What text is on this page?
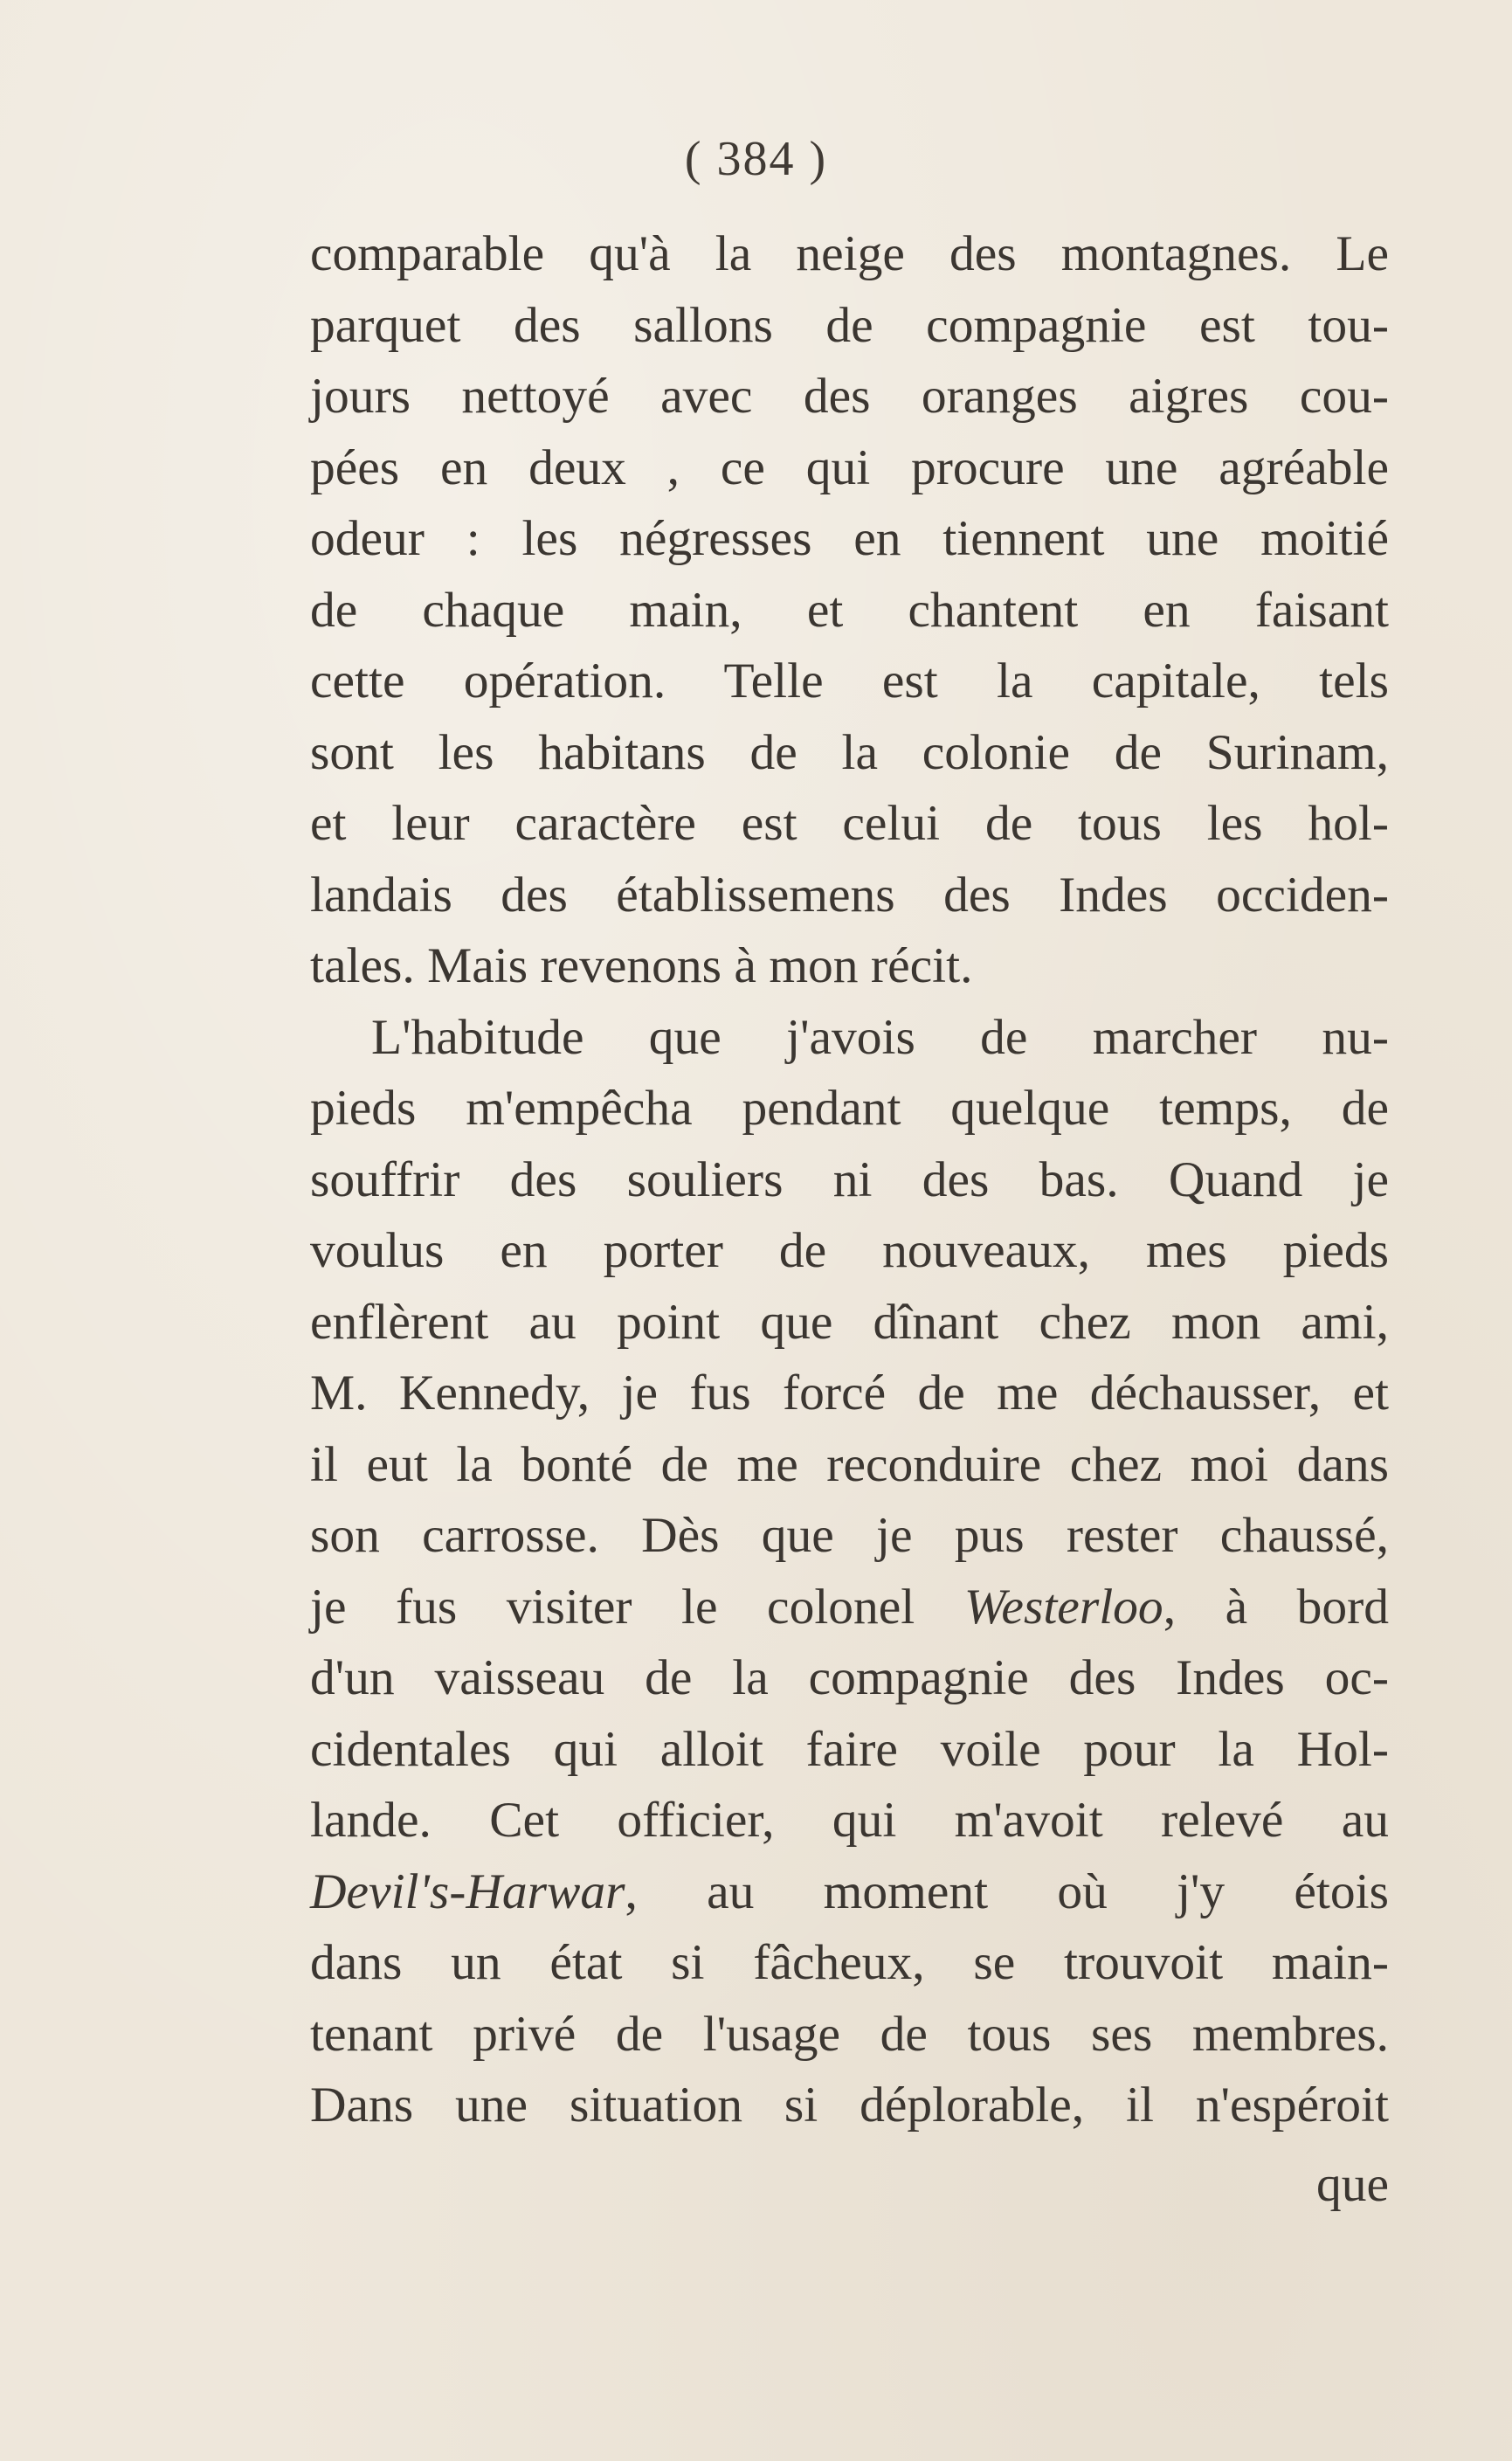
( 384 )
comparable qu'à la neige des montagnes. Le
parquet des sallons de compagnie est tou-
jours nettoyé avec des oranges aigres cou-
pées en deux , ce qui procure une agréable
odeur : les négresses en tiennent une moitié
de chaque main, et chantent en faisant
cette opération. Telle est la capitale, tels
sont les habitans de la colonie de Surinam,
et leur caractère est celui de tous les hol-
landais des établissemens des Indes occiden-
tales. Mais revenons à mon récit.
L'habitude que j'avois de marcher nu-
pieds m'empêcha pendant quelque temps, de
souffrir des souliers ni des bas. Quand je
voulus en porter de nouveaux, mes pieds
enflèrent au point que dînant chez mon ami,
M. Kennedy, je fus forcé de me déchausser, et
il eut la bonté de me reconduire chez moi dans
son carrosse. Dès que je pus rester chaussé,
je fus visiter le colonel Westerloo, à bord
d'un vaisseau de la compagnie des Indes oc-
cidentales qui alloit faire voile pour la Hol-
lande. Cet officier, qui m'avoit relevé au
Devil's-Harwar, au moment où j'y étois
dans un état si fâcheux, se trouvoit main-
tenant privé de l'usage de tous ses membres.
Dans une situation si déplorable, il n'espéroit
que
